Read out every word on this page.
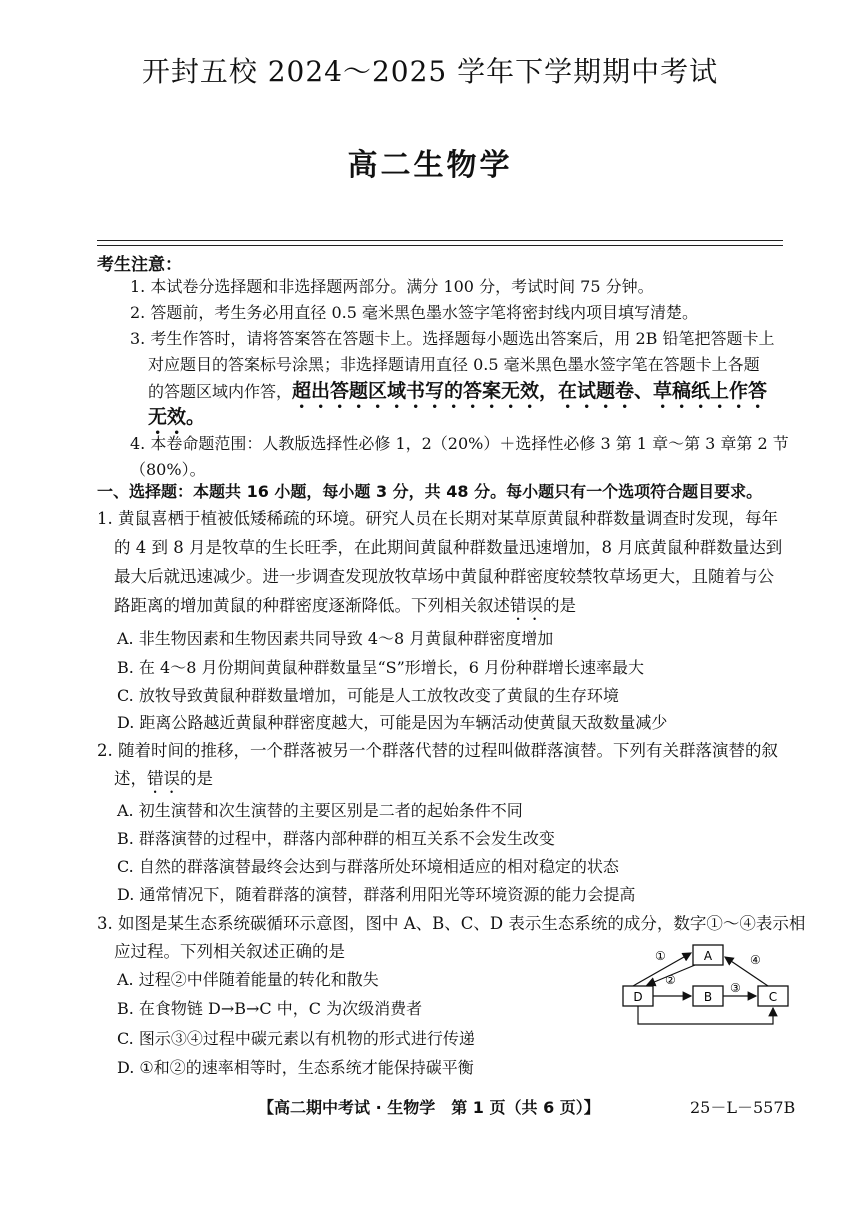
开封五校 2024～2025 学年下学期期中考试
高二生物学
考生注意：
1. 本试卷分选择题和非选择题两部分。满分 100 分，考试时间 75 分钟。
2. 答题前，考生务必用直径 0.5 毫米黑色墨水签字笔将密封线内项目填写清楚。
3. 考生作答时，请将答案答在答题卡上。选择题每小题选出答案后，用 2B 铅笔把答题卡上
对应题目的答案标号涂黑；非选择题请用直径 0.5 毫米黑色墨水签字笔在答题卡上各题
的答题区域内作答，超出答题区域书写的答案无效，在试题卷、草稿纸上作答
无效。
4. 本卷命题范围：人教版选择性必修 1，2（20%）＋选择性必修 3 第 1 章～第 3 章第 2 节（80%）。
一、选择题：本题共 16 小题，每小题 3 分，共 48 分。每小题只有一个选项符合题目要求。
1. 黄鼠喜栖于植被低矮稀疏的环境。研究人员在长期对某草原黄鼠种群数量调查时发现，每年
的 4 到 8 月是牧草的生长旺季，在此期间黄鼠种群数量迅速增加，8 月底黄鼠种群数量达到
最大后就迅速减少。进一步调查发现放牧草场中黄鼠种群密度较禁牧草场更大，且随着与公
路距离的增加黄鼠的种群密度逐渐降低。下列相关叙述错误的是
A. 非生物因素和生物因素共同导致 4～8 月黄鼠种群密度增加
B. 在 4～8 月份期间黄鼠种群数量呈“S”形增长，6 月份种群增长速率最大
C. 放牧导致黄鼠种群数量增加，可能是人工放牧改变了黄鼠的生存环境
D. 距离公路越近黄鼠种群密度越大，可能是因为车辆活动使黄鼠天敌数量减少
2. 随着时间的推移，一个群落被另一个群落代替的过程叫做群落演替。下列有关群落演替的叙
述，错误的是
A. 初生演替和次生演替的主要区别是二者的起始条件不同
B. 群落演替的过程中，群落内部种群的相互关系不会发生改变
C. 自然的群落演替最终会达到与群落所处环境相适应的相对稳定的状态
D. 通常情况下，随着群落的演替，群落利用阳光等环境资源的能力会提高
3. 如图是某生态系统碳循环示意图，图中 A、B、C、D 表示生态系统的成分，数字①～④表示相
应过程。下列相关叙述正确的是
A. 过程②中伴随着能量的转化和散失
B. 在食物链 D→B→C 中，C 为次级消费者
C. 图示③④过程中碳元素以有机物的形式进行传递
D. ①和②的速率相等时，生态系统才能保持碳平衡
A
B	C
D
①
②
③
④
【高二期中考试 · 生物学　第 1 页（共 6 页）】	25－L－557B
